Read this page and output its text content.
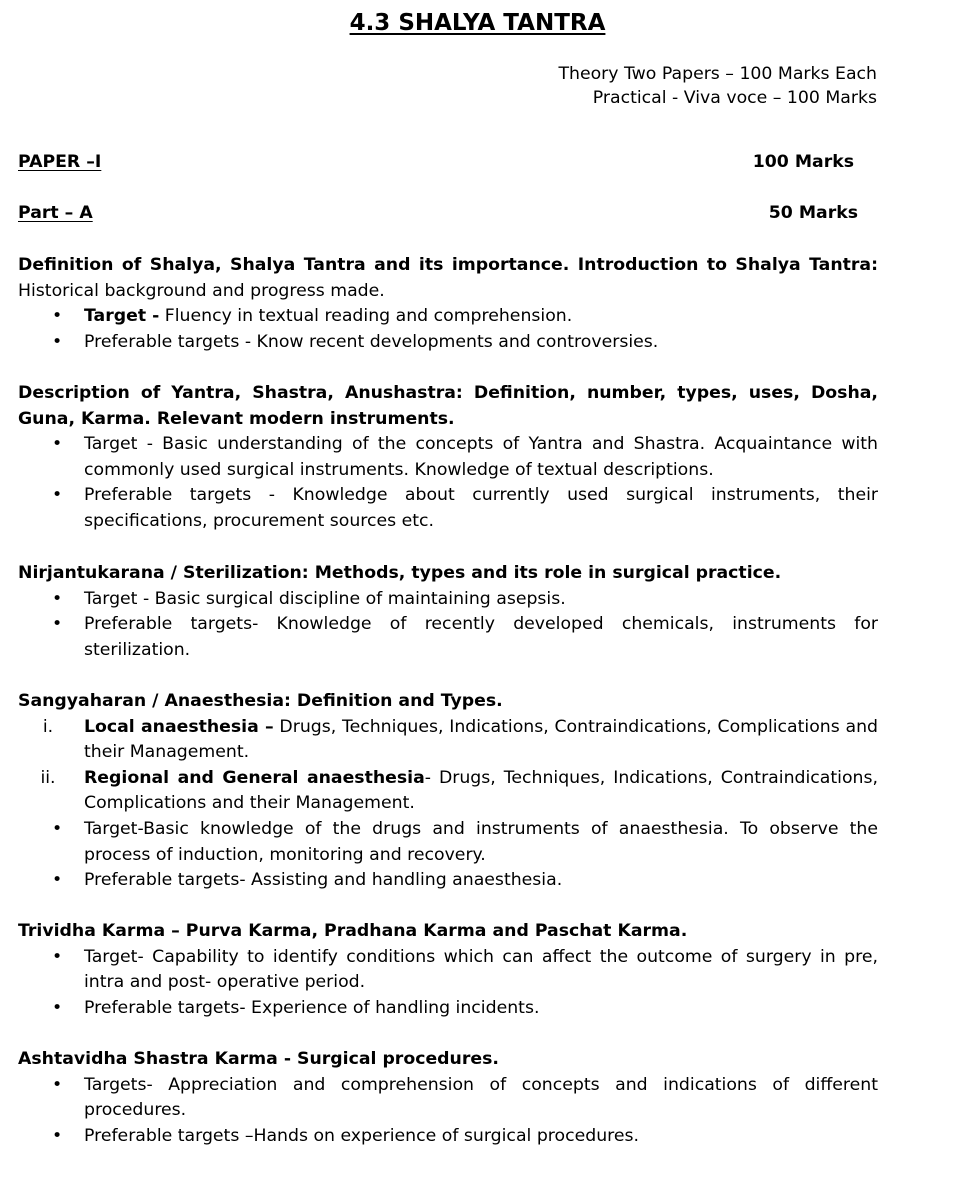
4.3 SHALYA TANTRA
Theory Two Papers – 100 Marks Each
Practical - Viva voce – 100 Marks
PAPER –I	100 Marks
Part – A	50 Marks
Definition of Shalya, Shalya Tantra and its importance. Introduction to Shalya Tantra: Historical background and progress made.
•	Target - Fluency in textual reading and comprehension.
•	Preferable targets - Know recent developments and controversies.
Description of Yantra, Shastra, Anushastra: Definition, number, types, uses, Dosha, Guna, Karma. Relevant modern instruments.
•	Target - Basic understanding of the concepts of Yantra and Shastra. Acquaintance with commonly used surgical instruments. Knowledge of textual descriptions.
•	Preferable targets - Knowledge about currently used surgical instruments, their specifications, procurement sources etc.
Nirjantukarana / Sterilization: Methods, types and its role in surgical practice.
•	Target - Basic surgical discipline of maintaining asepsis.
•	Preferable targets- Knowledge of recently developed chemicals, instruments for sterilization.
Sangyaharan / Anaesthesia: Definition and Types.
i.	Local anaesthesia – Drugs, Techniques, Indications, Contraindications, Complications and their Management.
ii.	Regional and General anaesthesia- Drugs, Techniques, Indications, Contraindications, Complications and their Management.
•	Target-Basic knowledge of the drugs and instruments of anaesthesia. To observe the process of induction, monitoring and recovery.
•	Preferable targets- Assisting and handling anaesthesia.
Trividha Karma – Purva Karma, Pradhana Karma and Paschat Karma.
•	Target- Capability to identify conditions which can affect the outcome of surgery in pre, intra and post- operative period.
•	Preferable targets- Experience of handling incidents.
Ashtavidha Shastra Karma - Surgical procedures.
•	Targets- Appreciation and comprehension of concepts and indications of different procedures.
•	Preferable targets –Hands on experience of surgical procedures.
